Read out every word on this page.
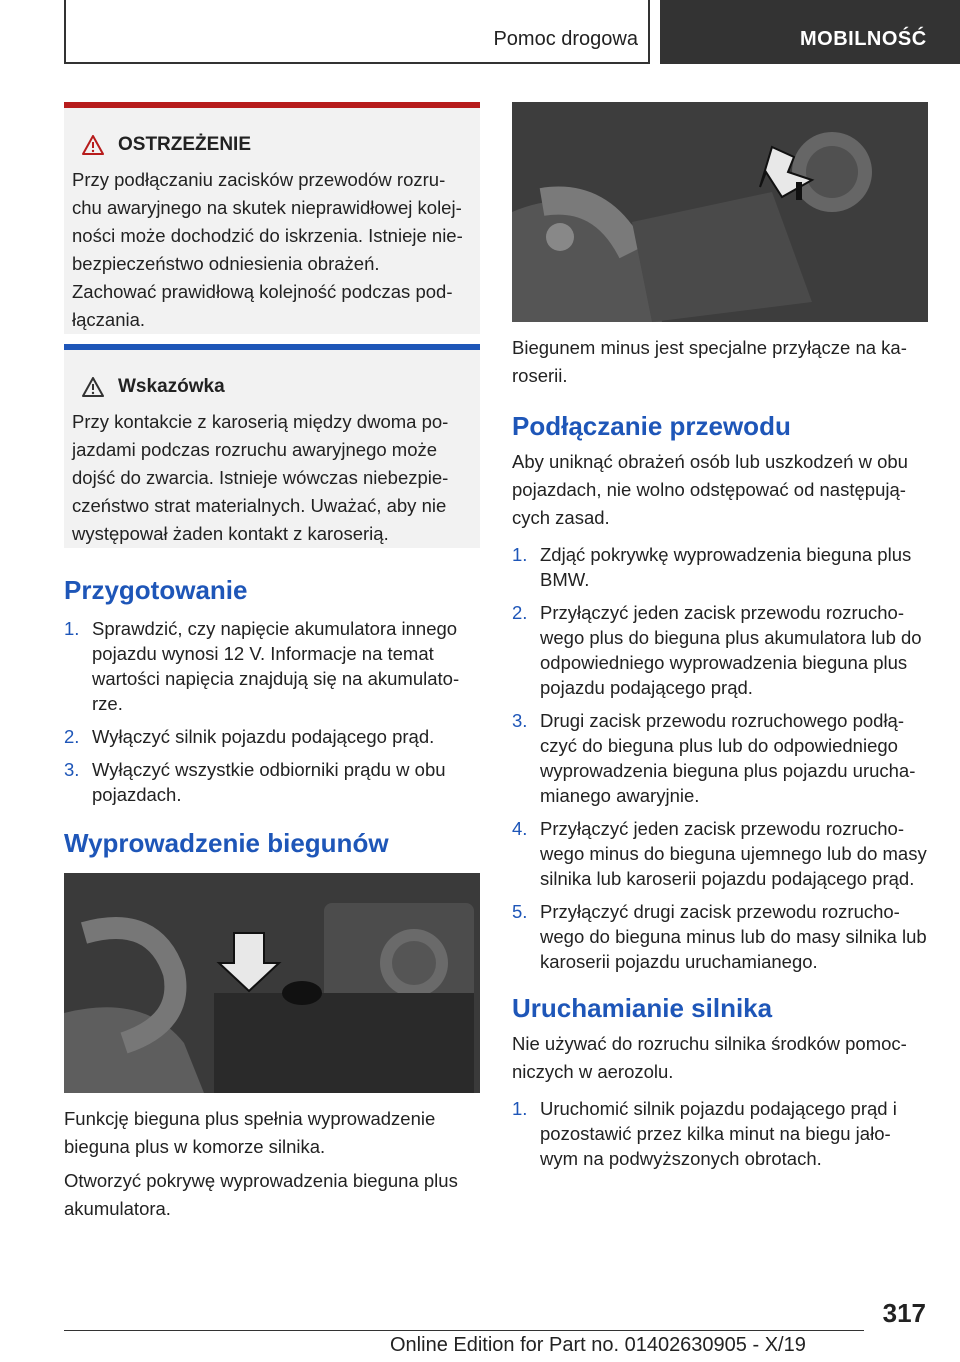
Pomoc drogowa	MOBILNOŚĆ
OSTRZEŻENIE
Przy podłączaniu zacisków przewodów rozru-chu awaryjnego na skutek nieprawidłowej kolej-ności może dochodzić do iskrzenia. Istnieje nie-bezpieczeństwo odniesienia obrażeń. Zachować prawidłową kolejność podczas pod-łączania.
Wskazówka
Przy kontakcie z karoserią między dwoma po-jazdami podczas rozruchu awaryjnego może dojść do zwarcia. Istnieje wówczas niebezpie-czeństwo strat materialnych. Uważać, aby nie występował żaden kontakt z karoserią.
Przygotowanie
1. Sprawdzić, czy napięcie akumulatora innego pojazdu wynosi 12 V. Informacje na temat wartości napięcia znajdują się na akumulato-rze.
2. Wyłączyć silnik pojazdu podającego prąd.
3. Wyłączyć wszystkie odbiorniki prądu w obu pojazdach.
Wyprowadzenie biegunów

Funkcję bieguna plus spełnia wyprowadzenie bieguna plus w komorze silnika.

Otworzyć pokrywę wyprowadzenia bieguna plus akumulatora.

Biegunem minus jest specjalne przyłącze na ka-roserii.

Podłączanie przewodu

Aby uniknąć obrażeń osób lub uszkodzeń w obu pojazdach, nie wolno odstępować od następują-cych zasad.

1. Zdjąć pokrywkę wyprowadzenia bieguna plus BMW.
2. Przyłączyć jeden zacisk przewodu rozrucho-wego plus do bieguna plus akumulatora lub do odpowiedniego wyprowadzenia bieguna plus pojazdu podającego prąd.
3. Drugi zacisk przewodu rozruchowego podłą-czyć do bieguna plus lub do odpowiedniego wyprowadzenia bieguna plus pojazdu urucha-mianego awaryjnie.
4. Przyłączyć jeden zacisk przewodu rozrucho-wego minus do bieguna ujemnego lub do masy silnika lub karoserii pojazdu podającego prąd.
5. Przyłączyć drugi zacisk przewodu rozrucho-wego do bieguna minus lub do masy silnika lub karoserii pojazdu uruchamianego.
Uruchamianie silnika

Nie używać do rozruchu silnika środków pomoc-niczych w aerozolu.

1. Uruchomić silnik pojazdu podającego prąd i pozostawić przez kilka minut na biegu jało-wym na podwyższonych obrotach.
317
Online Edition for Part no. 01402630905 - X/19
